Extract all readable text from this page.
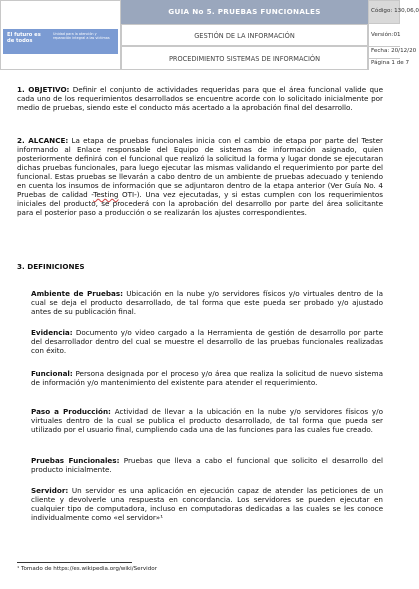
El futuro es de todos
Unidad para la atención y reparación integral a las víctimas
GUIA No 5. PRUEBAS FUNCIONALES	Código: 130,06,0
GESTIÓN DE LA INFORMACIÓN
PROCEDIMIENTO SISTEMAS DE INFORMACIÓN
Versión:01
Fecha: 20/12/20
Página 1 de 7
1. OBJETIVO: Definir el conjunto de actividades requeridas para que el área funcional valide que cada uno de los requerimientos desarrollados se encuentre acorde con lo solicitado inicialmente por medio de pruebas, siendo este el conducto más acertado a la aprobación final del desarrollo.
2. ALCANCE: La etapa de pruebas funcionales inicia con el cambio de etapa por parte del Tester informando al Enlace responsable del Equipo de sistemas de información asignado, quien posteriormente definirá con el funcional que realizó la solicitud la forma y lugar donde se ejecutaran dichas pruebas funcionales, para luego ejecutar las mismas validando el requerimiento por parte del funcional. Estas pruebas se llevarán a cabo dentro de un ambiente de pruebas adecuado y teniendo en cuenta los insumos de información que se adjuntaron dentro de la etapa anterior (Ver Guía No. 4 Pruebas de calidad -Testing OTI-). Una vez ejecutadas, y si estas cumplen con los requerimientos iniciales del producto, se procederá con la aprobación del desarrollo por parte del área solicitante para el posterior paso a producción o se realizarán los ajustes correspondientes.
3. DEFINICIONES
Ambiente de Pruebas: Ubicación en la nube y/o servidores físicos y/o virtuales dentro de la cual se deja el producto desarrollado, de tal forma que este pueda ser probado y/o ajustado antes de su publicación final.
Evidencia: Documento y/o video cargado a la Herramienta de gestión de desarrollo por parte del desarrollador dentro del cual se muestre el desarrollo de las pruebas funcionales realizadas con éxito.
Funcional: Persona designada por el proceso y/o área que realiza la solicitud de nuevo sistema de información y/o mantenimiento del existente para atender el requerimiento.
Paso a Producción: Actividad de llevar a la ubicación en la nube y/o servidores físicos y/o virtuales dentro de la cual se publica el producto desarrollado, de tal forma que pueda ser utilizado por el usuario final, cumpliendo cada una de las funciones para las cuales fue creado.
Pruebas Funcionales: Pruebas que lleva a cabo el funcional que solicito el desarrollo del producto inicialmente.
Servidor: Un servidor es una aplicación en ejecución capaz de atender las peticiones de un cliente y devolverle una respuesta en concordancia. Los servidores se pueden ejecutar en cualquier tipo de computadora, incluso en computadoras dedicadas a las cuales se les conoce individualmente como «el servidor»¹
¹ Tomado de https://es.wikipedia.org/wiki/Servidor
